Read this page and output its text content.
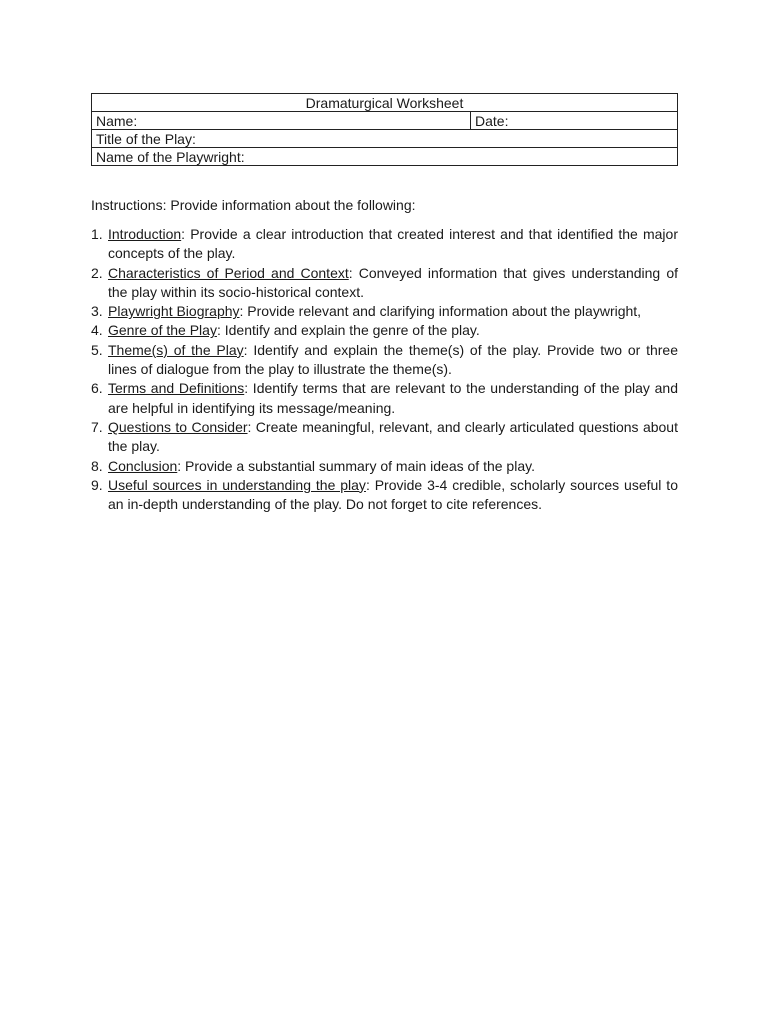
Dramaturgical Worksheet
Name:	Date:
Title of the Play:
Name of the Playwright:
Instructions: Provide information about the following:
1. Introduction: Provide a clear introduction that created interest and that identified the major concepts of the play.
2. Characteristics of Period and Context: Conveyed information that gives understanding of the play within its socio-historical context.
3. Playwright Biography: Provide relevant and clarifying information about the playwright,
4. Genre of the Play: Identify and explain the genre of the play.
5. Theme(s) of the Play: Identify and explain the theme(s) of the play. Provide two or three lines of dialogue from the play to illustrate the theme(s).
6. Terms and Definitions: Identify terms that are relevant to the understanding of the play and are helpful in identifying its message/meaning.
7. Questions to Consider: Create meaningful, relevant, and clearly articulated questions about the play.
8. Conclusion: Provide a substantial summary of main ideas of the play.
9. Useful sources in understanding the play: Provide 3-4 credible, scholarly sources useful to an in-depth understanding of the play. Do not forget to cite references.
